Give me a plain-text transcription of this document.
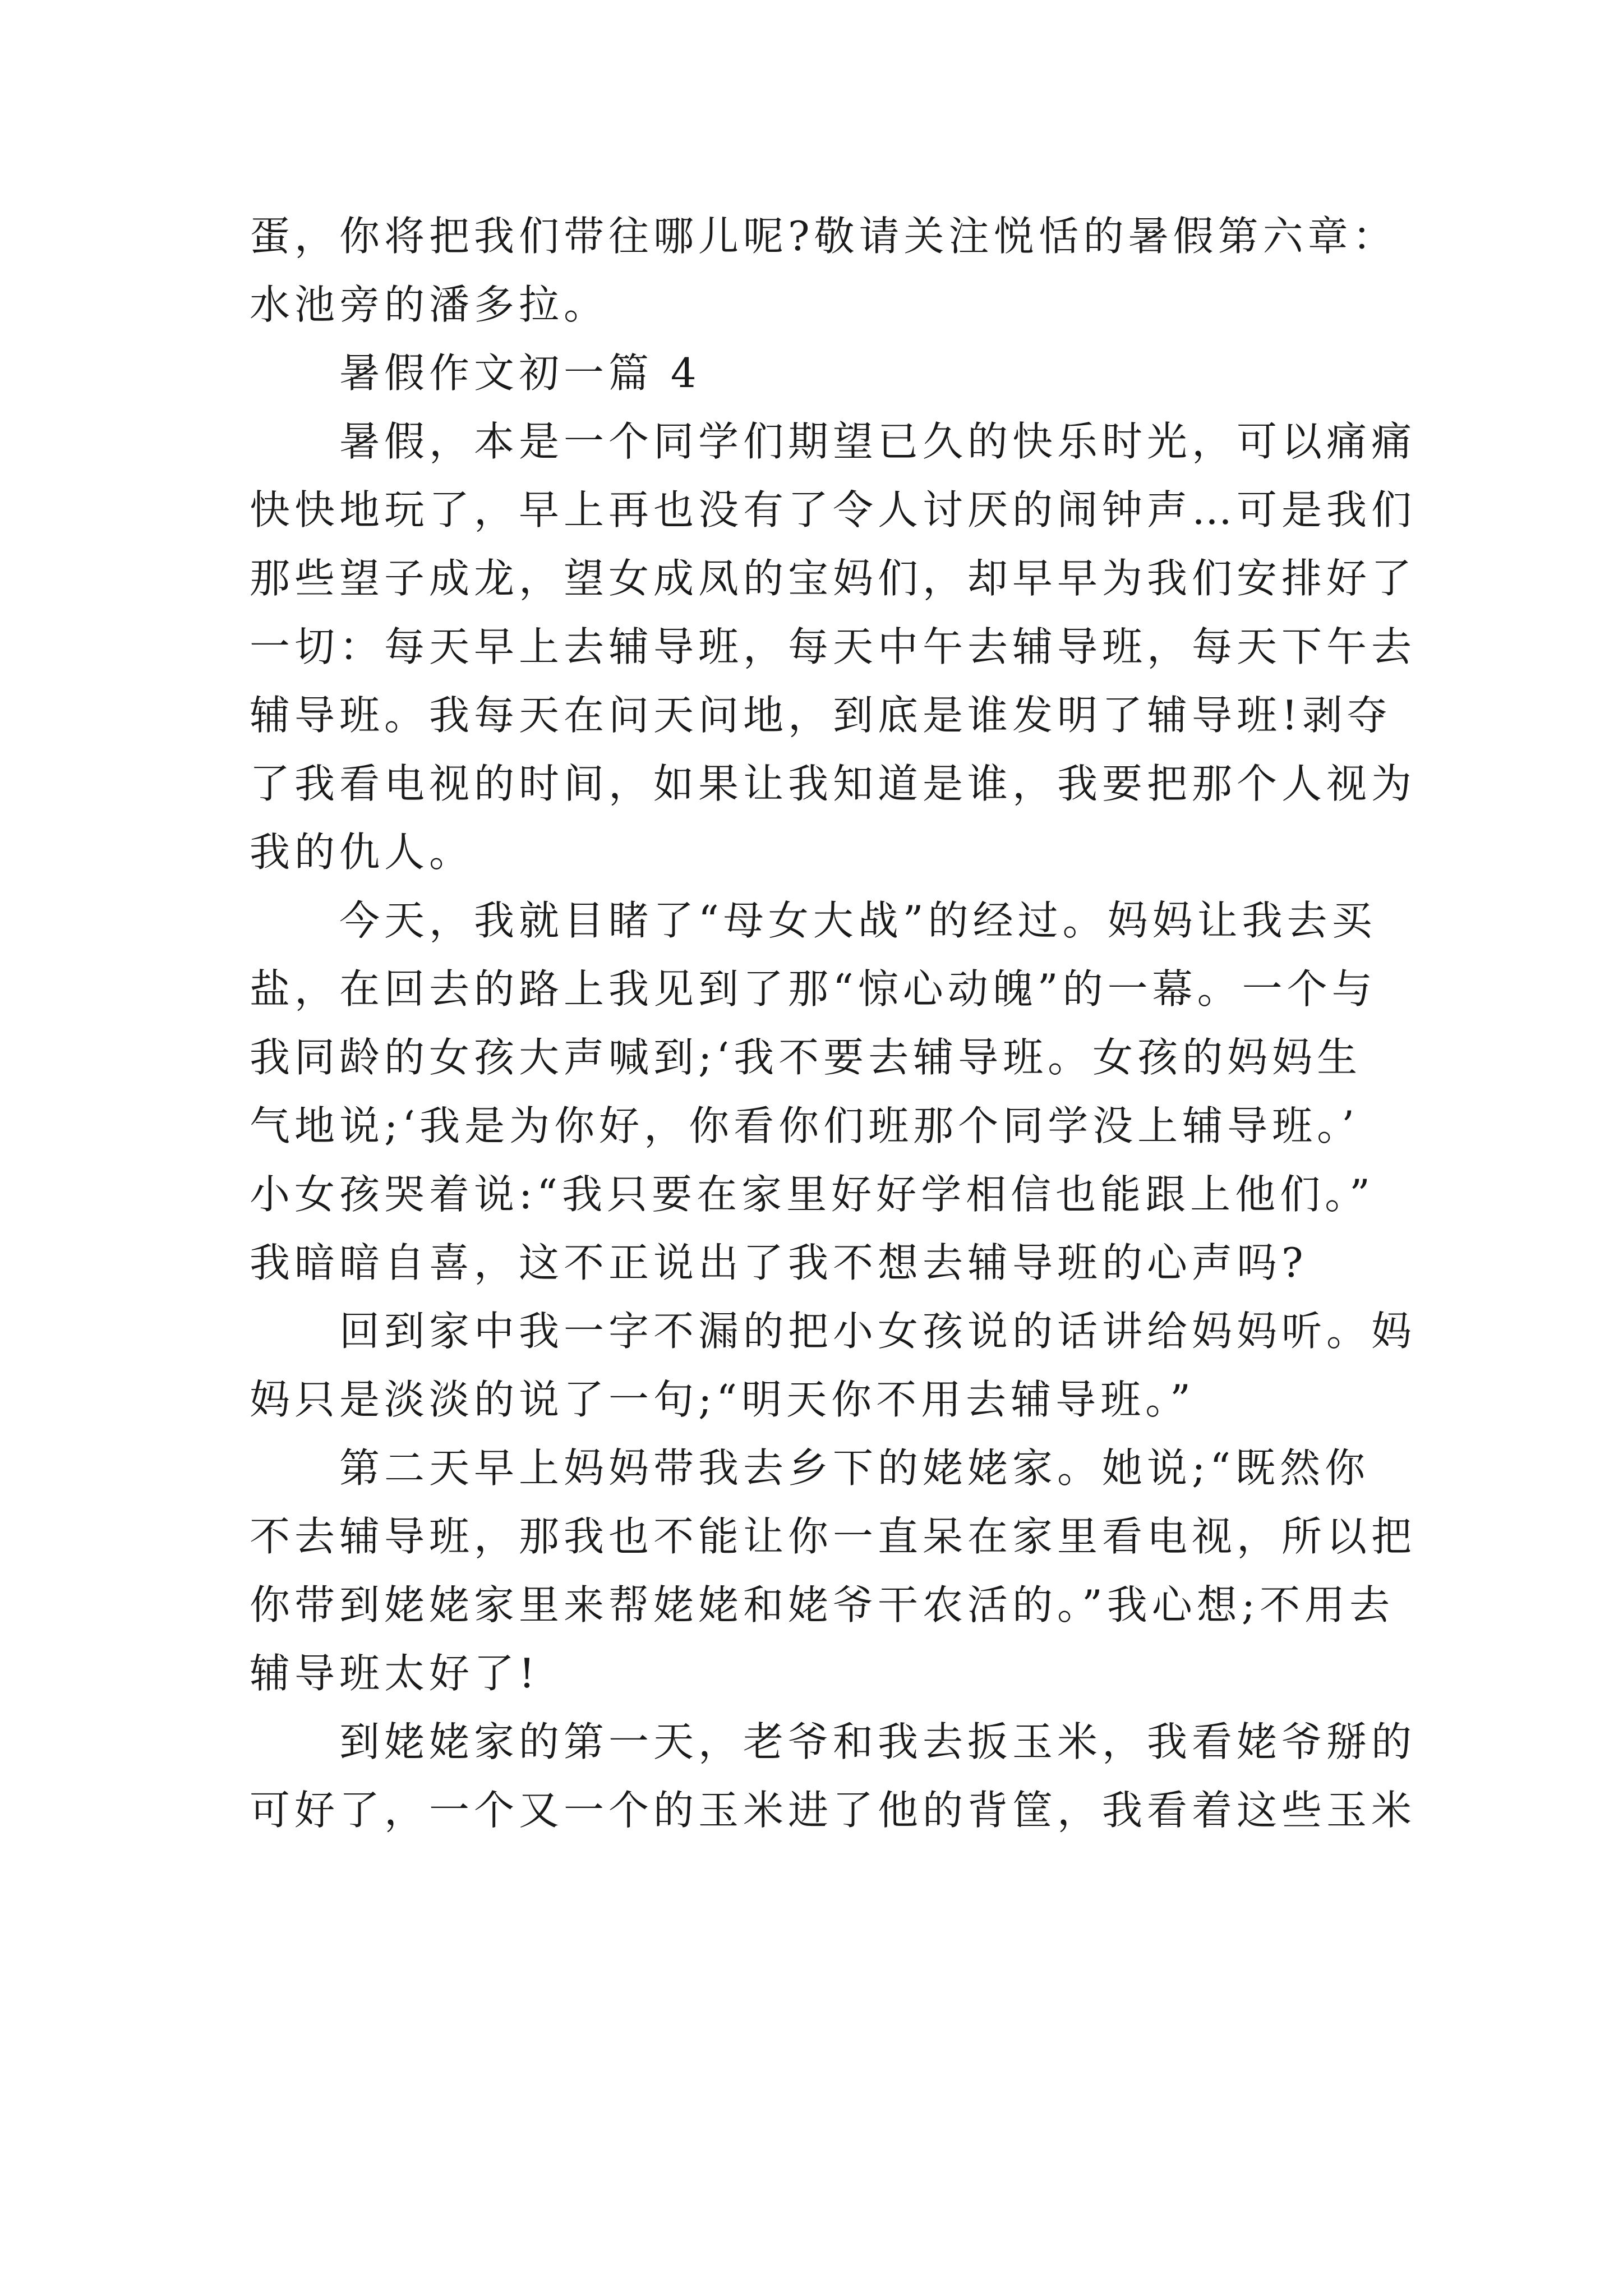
蛋，你将把我们带往哪儿呢?敬请关注悦恬的暑假第六章：
水池旁的潘多拉。
暑假作文初一篇 4
暑假，本是一个同学们期望已久的快乐时光，可以痛痛
快快地玩了，早上再也没有了令人讨厌的闹钟声…可是我们
那些望子成龙，望女成凤的宝妈们，却早早为我们安排好了
一切：每天早上去辅导班，每天中午去辅导班，每天下午去
辅导班。我每天在问天问地，到底是谁发明了辅导班!剥夺
了我看电视的时间，如果让我知道是谁，我要把那个人视为
我的仇人。
今天，我就目睹了“母女大战”的经过。妈妈让我去买
盐，在回去的路上我见到了那“惊心动魄”的一幕。一个与
我同龄的女孩大声喊到;‘我不要去辅导班。女孩的妈妈生
气地说;‘我是为你好，你看你们班那个同学没上辅导班。’
小女孩哭着说:“我只要在家里好好学相信也能跟上他们。”
我暗暗自喜，这不正说出了我不想去辅导班的心声吗?
回到家中我一字不漏的把小女孩说的话讲给妈妈听。妈
妈只是淡淡的说了一句;“明天你不用去辅导班。”
第二天早上妈妈带我去乡下的姥姥家。她说;“既然你
不去辅导班，那我也不能让你一直呆在家里看电视，所以把
你带到姥姥家里来帮姥姥和姥爷干农活的。”我心想;不用去
辅导班太好了!
到姥姥家的第一天，老爷和我去扳玉米，我看姥爷掰的
可好了，一个又一个的玉米进了他的背筐，我看着这些玉米
